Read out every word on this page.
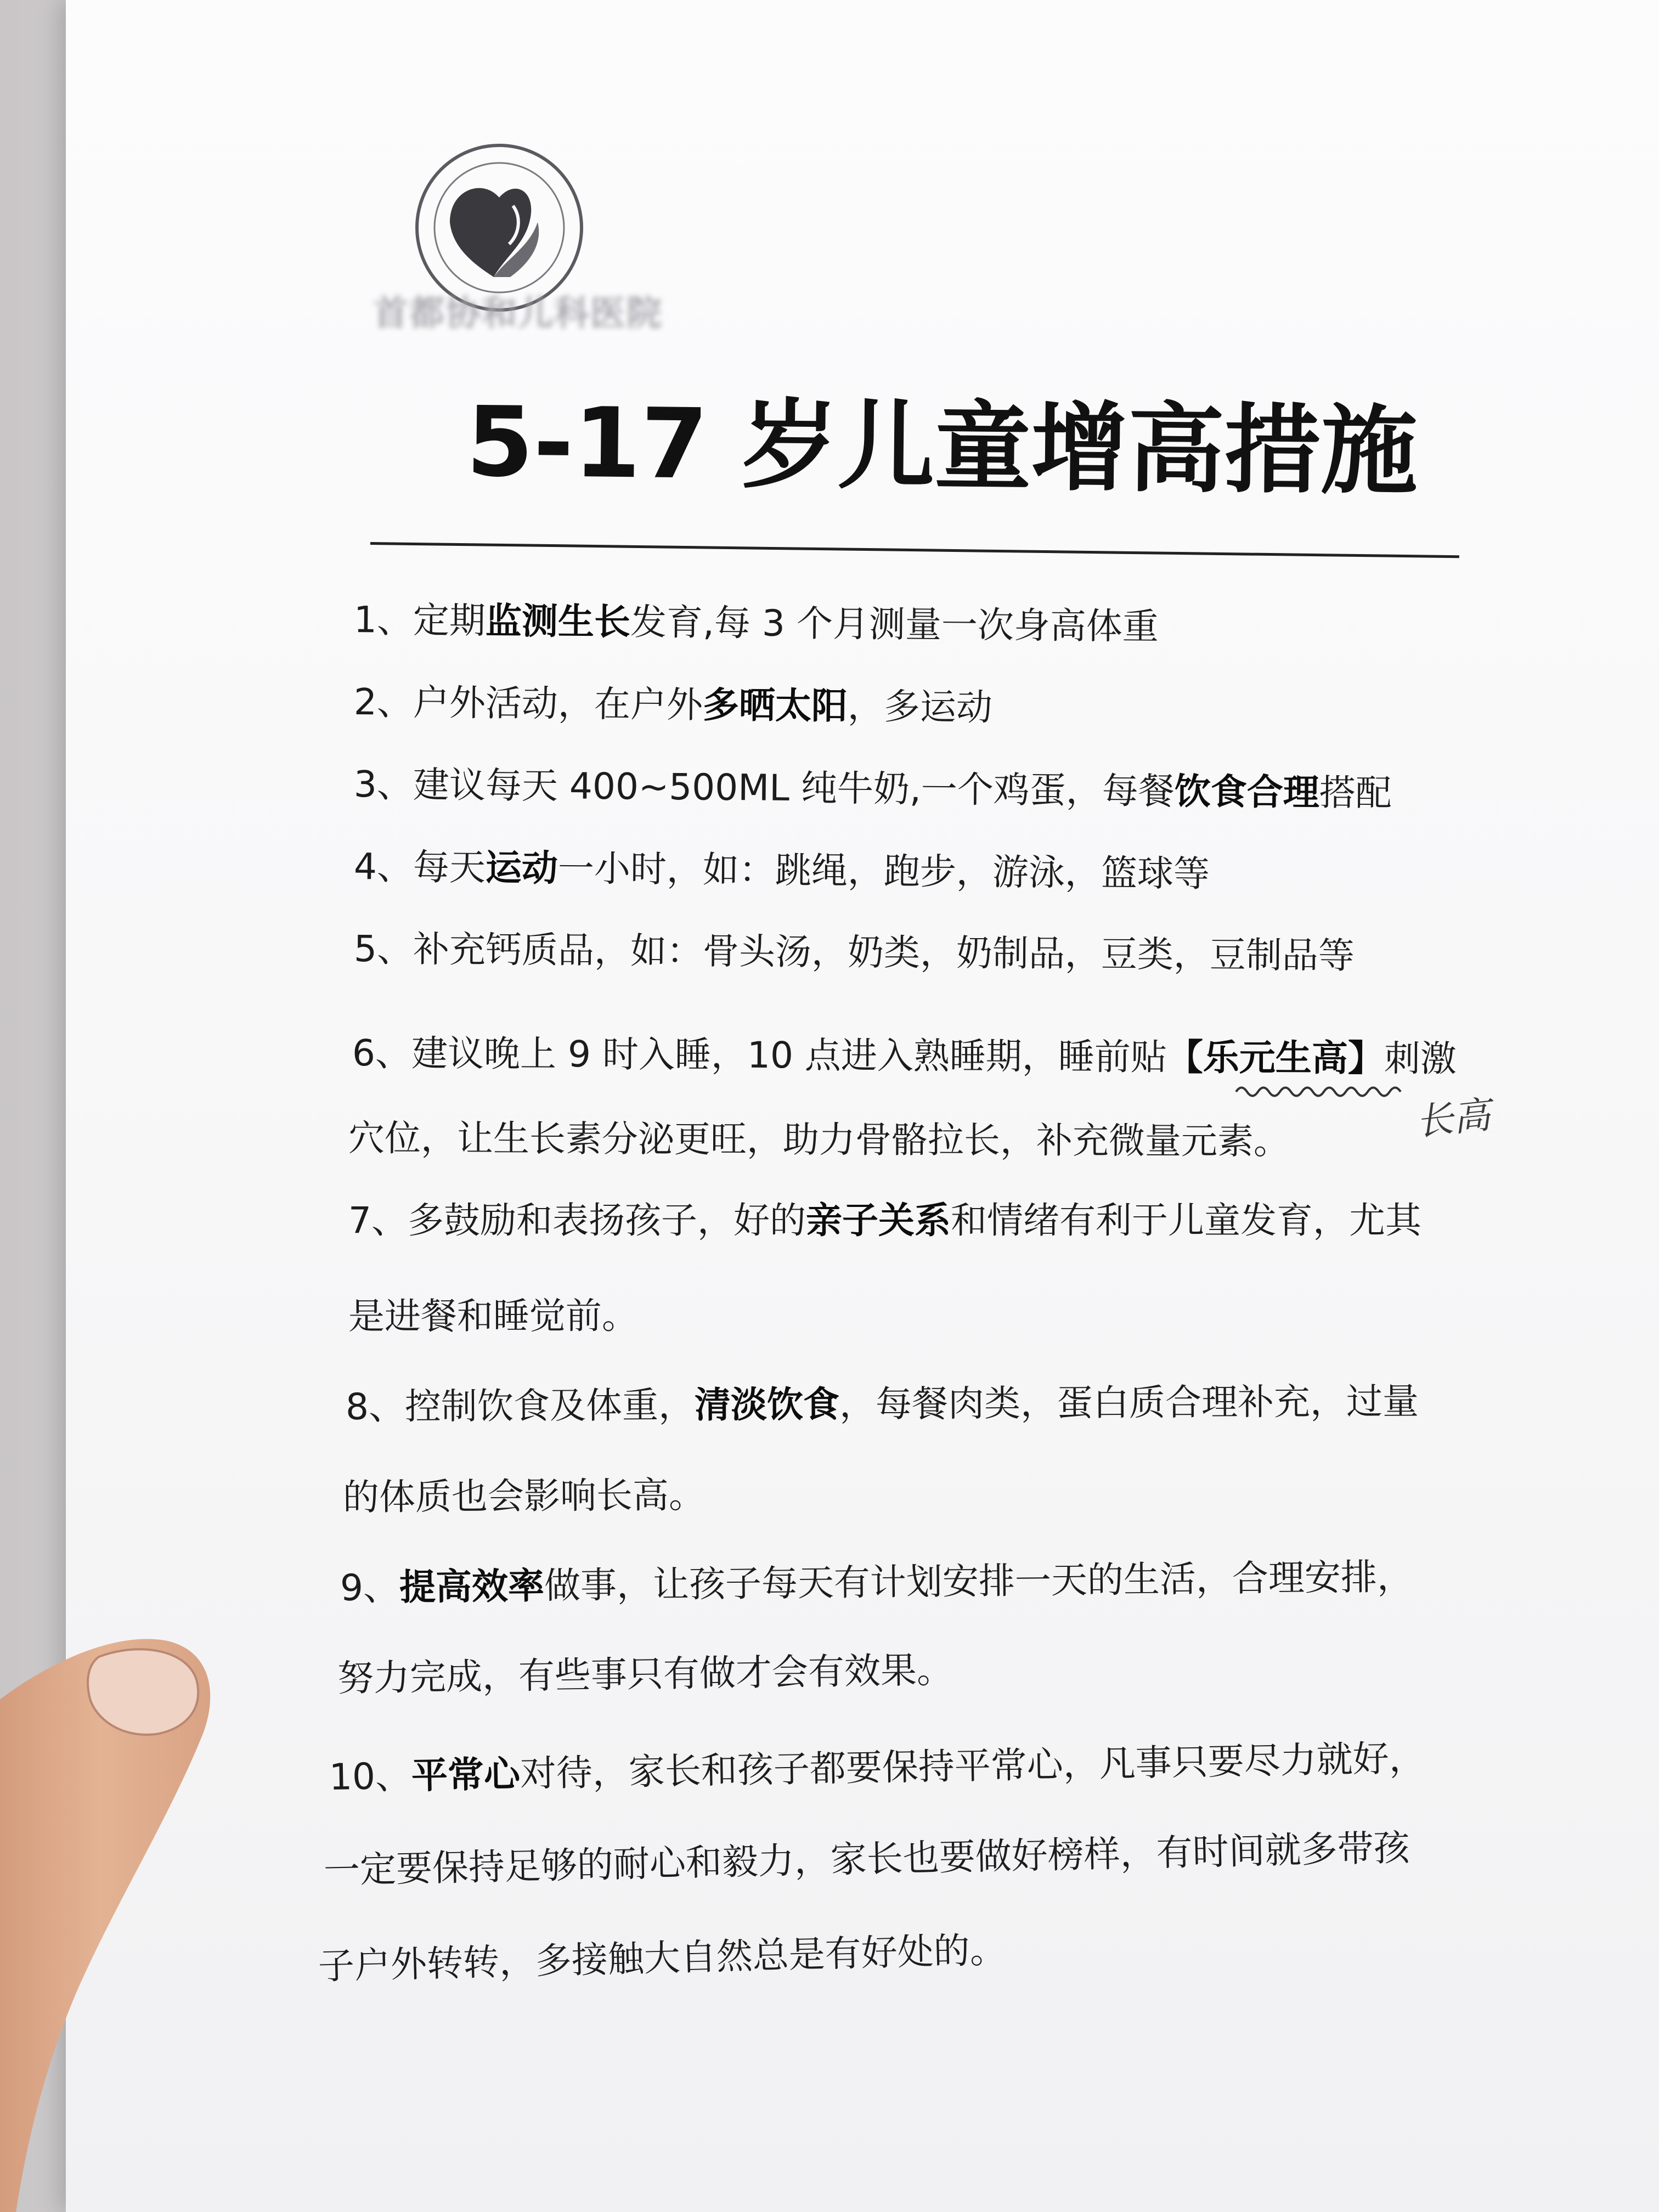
首都协和儿科医院
5-17 岁儿童增高措施
1、定期监测生长发育,每 3 个月测量一次身高体重
2、户外活动，在户外多晒太阳，多运动
3、建议每天 400~500ML 纯牛奶,一个鸡蛋，每餐饮食合理搭配
4、每天运动一小时，如：跳绳，跑步，游泳，篮球等
5、补充钙质品，如：骨头汤，奶类，奶制品，豆类，豆制品等
6、建议晚上 9 时入睡，10 点进入熟睡期，睡前贴【乐元生高】刺激
穴位，让生长素分泌更旺，助力骨骼拉长，补充微量元素。
7、多鼓励和表扬孩子，好的亲子关系和情绪有利于儿童发育，尤其
是进餐和睡觉前。
8、控制饮食及体重，清淡饮食，每餐肉类，蛋白质合理补充，过量
的体质也会影响长高。
9、提高效率做事，让孩子每天有计划安排一天的生活，合理安排，
努力完成，有些事只有做才会有效果。
10、平常心对待，家长和孩子都要保持平常心，凡事只要尽力就好，
一定要保持足够的耐心和毅力，家长也要做好榜样，有时间就多带孩
子户外转转，多接触大自然总是有好处的。
长高
